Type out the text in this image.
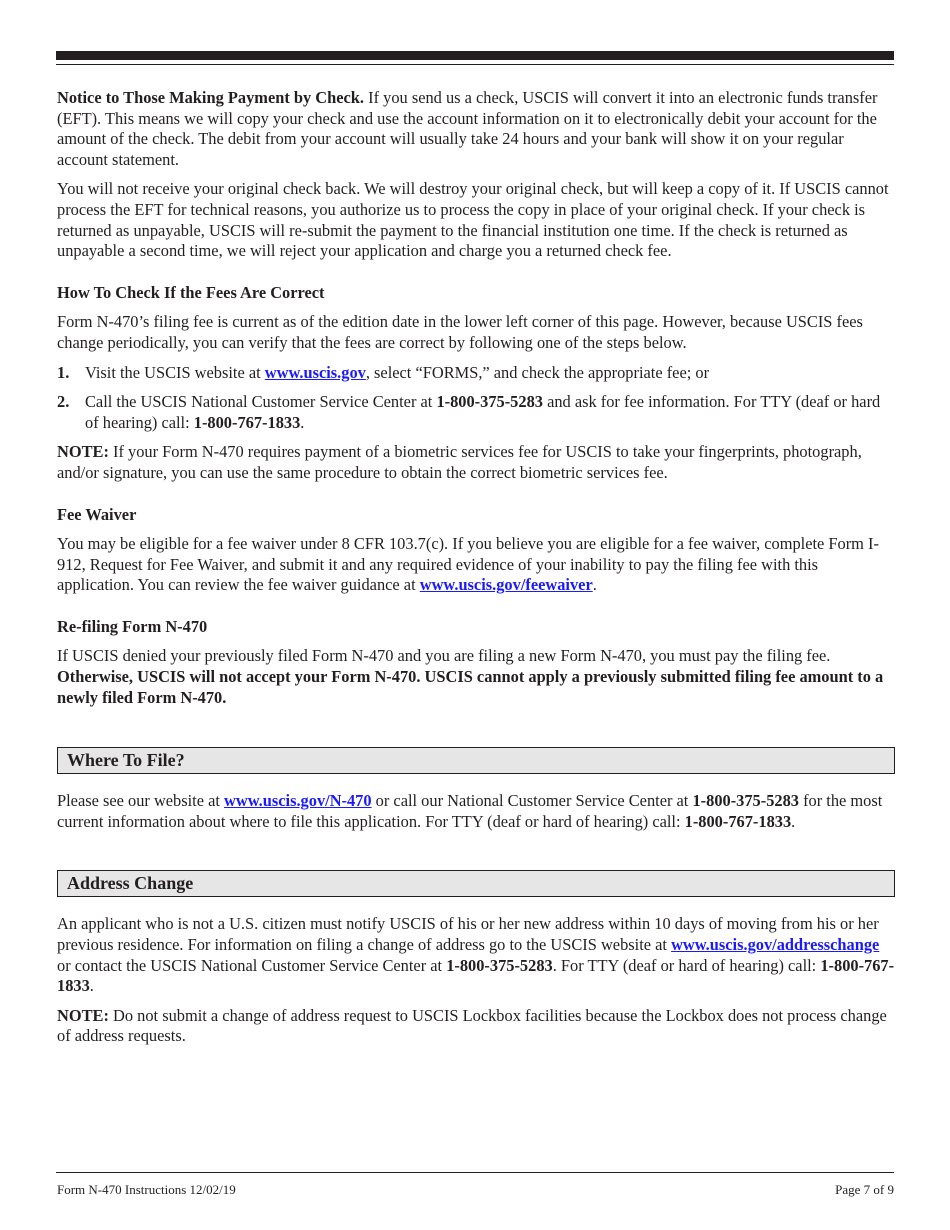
Notice to Those Making Payment by Check. If you send us a check, USCIS will convert it into an electronic funds transfer (EFT). This means we will copy your check and use the account information on it to electronically debit your account for the amount of the check. The debit from your account will usually take 24 hours and your bank will show it on your regular account statement.

You will not receive your original check back. We will destroy your original check, but will keep a copy of it. If USCIS cannot process the EFT for technical reasons, you authorize us to process the copy in place of your original check. If your check is returned as unpayable, USCIS will re-submit the payment to the financial institution one time. If the check is returned as unpayable a second time, we will reject your application and charge you a returned check fee.

How To Check If the Fees Are Correct

Form N-470’s filing fee is current as of the edition date in the lower left corner of this page. However, because USCIS fees change periodically, you can verify that the fees are correct by following one of the steps below.

1. Visit the USCIS website at www.uscis.gov, select “FORMS,” and check the appropriate fee; or
2. Call the USCIS National Customer Service Center at 1-800-375-5283 and ask for fee information. For TTY (deaf or hard of hearing) call: 1-800-767-1833.

NOTE: If your Form N-470 requires payment of a biometric services fee for USCIS to take your fingerprints, photograph, and/or signature, you can use the same procedure to obtain the correct biometric services fee.

Fee Waiver

You may be eligible for a fee waiver under 8 CFR 103.7(c). If you believe you are eligible for a fee waiver, complete Form I-912, Request for Fee Waiver, and submit it and any required evidence of your inability to pay the filing fee with this application. You can review the fee waiver guidance at www.uscis.gov/feewaiver.

Re-filing Form N-470

If USCIS denied your previously filed Form N-470 and you are filing a new Form N-470, you must pay the filing fee. Otherwise, USCIS will not accept your Form N-470. USCIS cannot apply a previously submitted filing fee amount to a newly filed Form N-470.

Where To File?

Please see our website at www.uscis.gov/N-470 or call our National Customer Service Center at 1-800-375-5283 for the most current information about where to file this application. For TTY (deaf or hard of hearing) call: 1-800-767-1833.

Address Change

An applicant who is not a U.S. citizen must notify USCIS of his or her new address within 10 days of moving from his or her previous residence. For information on filing a change of address go to the USCIS website at www.uscis.gov/addresschange or contact the USCIS National Customer Service Center at 1-800-375-5283. For TTY (deaf or hard of hearing) call: 1-800-767-1833.

NOTE: Do not submit a change of address request to USCIS Lockbox facilities because the Lockbox does not process change of address requests.

Form N-470 Instructions 12/02/19	Page 7 of 9
